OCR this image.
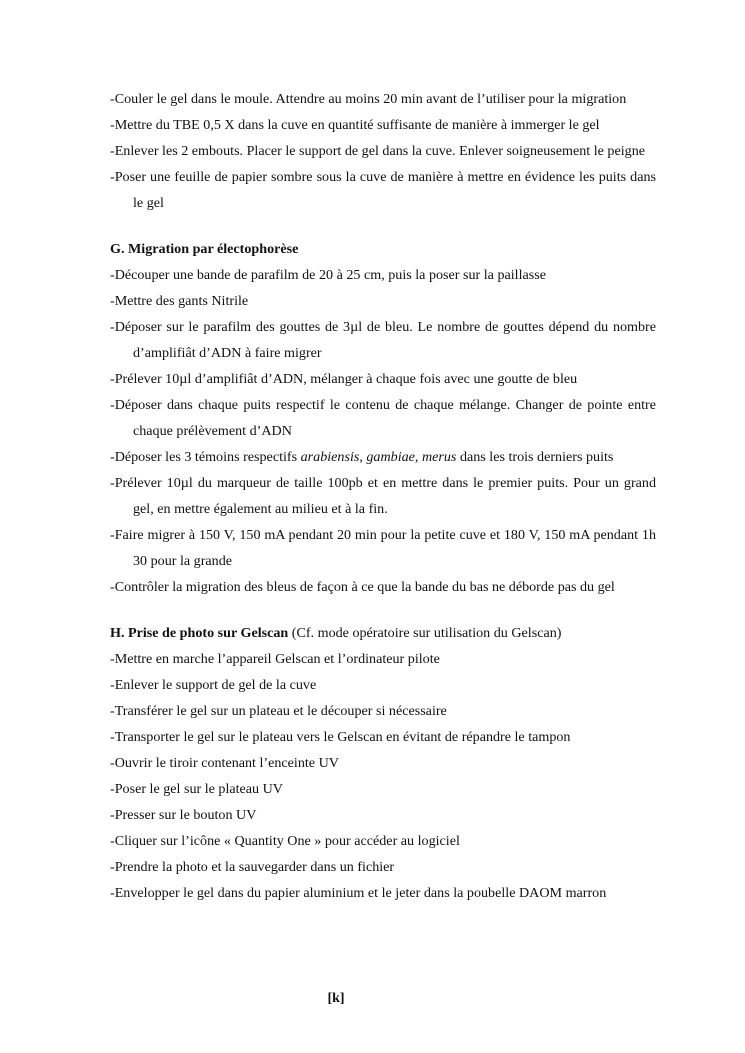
-Couler le gel dans le moule. Attendre au moins 20 min avant de l’utiliser pour la migration

-Mettre du TBE 0,5 X dans la cuve en quantité suffisante de manière à immerger le gel

-Enlever les 2 embouts. Placer le support de gel dans la cuve. Enlever soigneusement le peigne

-Poser une feuille de papier sombre sous la cuve de manière à mettre en évidence les puits dans le gel

G. Migration par électophorèse

-Découper une bande de parafilm de 20 à 25 cm, puis la poser sur la paillasse

-Mettre des gants Nitrile

-Déposer sur le parafilm des gouttes de 3µl de bleu. Le nombre de gouttes dépend du nombre d’amplifiât d’ADN à faire migrer

-Prélever 10µl d’amplifiât d’ADN, mélanger à chaque fois avec une goutte de bleu

-Déposer dans chaque puits respectif le contenu de chaque mélange. Changer de pointe entre chaque prélèvement d’ADN

-Déposer les 3 témoins respectifs arabiensis, gambiae, merus dans les trois derniers puits

-Prélever 10µl du marqueur de taille 100pb et en mettre dans le premier puits. Pour un grand gel, en mettre également au milieu et à la fin.

-Faire migrer à 150 V, 150 mA pendant 20 min pour la petite cuve et 180 V, 150 mA pendant 1h 30 pour la grande

-Contrôler la migration des bleus de façon à ce que la bande du bas ne déborde pas du gel

H. Prise de photo sur Gelscan (Cf. mode opératoire sur utilisation du Gelscan)

-Mettre en marche l’appareil Gelscan et l’ordinateur pilote

-Enlever le support de gel de la cuve

-Transférer le gel sur un plateau et le découper si nécessaire

-Transporter le gel sur le plateau vers le Gelscan en évitant de répandre le tampon

-Ouvrir le tiroir contenant l’enceinte UV

-Poser le gel sur le plateau UV

-Presser sur le bouton UV

-Cliquer sur l’icône « Quantity One » pour accéder au logiciel

-Prendre la photo et la sauvegarder dans un fichier

-Envelopper le gel dans du papier aluminium et le jeter dans la poubelle DAOM marron

[k]
